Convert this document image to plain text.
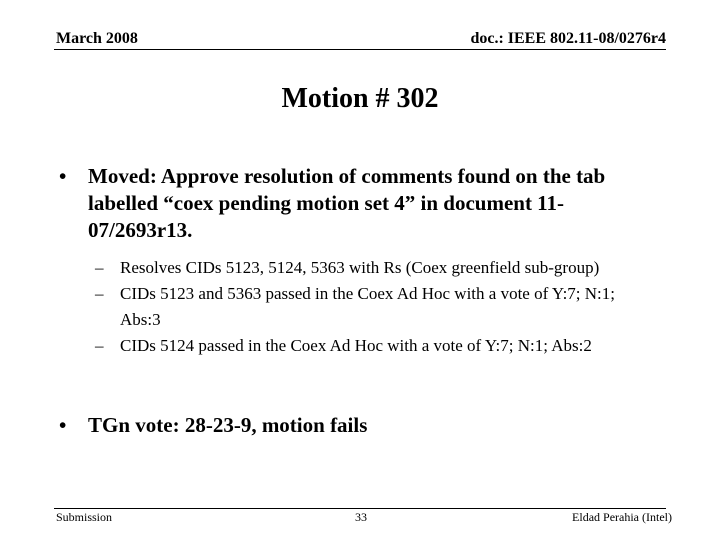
March 2008	doc.: IEEE 802.11-08/0276r4
Motion # 302
• Moved: Approve resolution of comments found on the tab labelled “coex pending motion set 4” in document 11-07/2693r13.
– Resolves CIDs 5123, 5124, 5363 with Rs (Coex greenfield sub-group)
– CIDs 5123 and 5363 passed in the Coex Ad Hoc with a vote of Y:7; N:1; Abs:3
– CIDs 5124 passed in the Coex Ad Hoc with a vote of Y:7; N:1; Abs:2
• TGn vote: 28-23-9, motion fails
Submission	33	Eldad Perahia (Intel)
